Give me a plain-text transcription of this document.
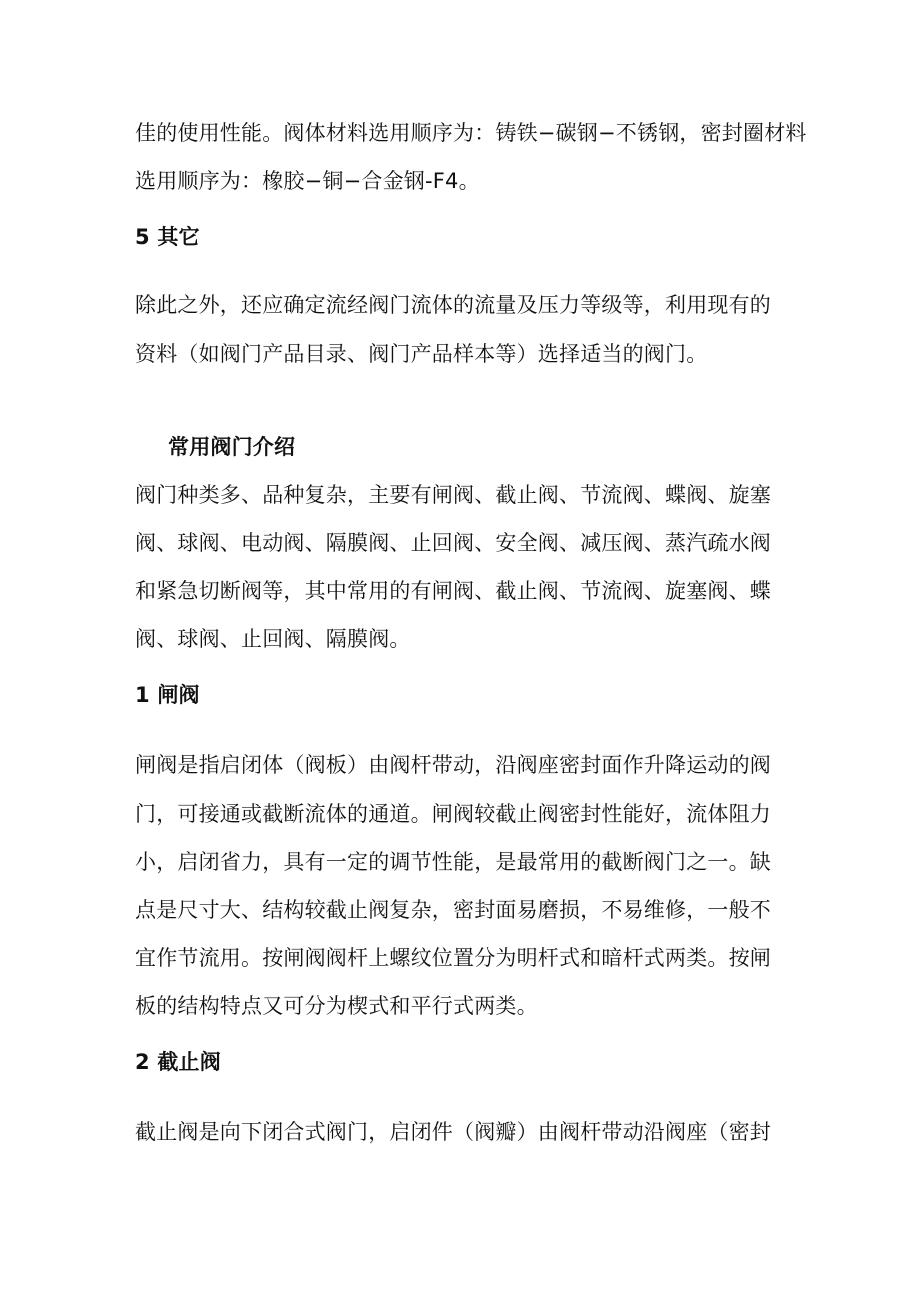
佳的使用性能。阀体材料选用顺序为：铸铁−碳钢−不锈钢，密封圈材料
选用顺序为：橡胶−铜−合金钢-F4。
5 其它
除此之外，还应确定流经阀门流体的流量及压力等级等，利用现有的
资料（如阀门产品目录、阀门产品样本等）选择适当的阀门。
常用阀门介绍
阀门种类多、品种复杂，主要有闸阀、截止阀、节流阀、蝶阀、旋塞
阀、球阀、电动阀、隔膜阀、止回阀、安全阀、减压阀、蒸汽疏水阀
和紧急切断阀等，其中常用的有闸阀、截止阀、节流阀、旋塞阀、蝶
阀、球阀、止回阀、隔膜阀。
1 闸阀
闸阀是指启闭体（阀板）由阀杆带动，沿阀座密封面作升降运动的阀
门，可接通或截断流体的通道。闸阀较截止阀密封性能好，流体阻力
小，启闭省力，具有一定的调节性能，是最常用的截断阀门之一。缺
点是尺寸大、结构较截止阀复杂，密封面易磨损，不易维修，一般不
宜作节流用。按闸阀阀杆上螺纹位置分为明杆式和暗杆式两类。按闸
板的结构特点又可分为楔式和平行式两类。
2 截止阀
截止阀是向下闭合式阀门，启闭件（阀瓣）由阀杆带动沿阀座（密封
